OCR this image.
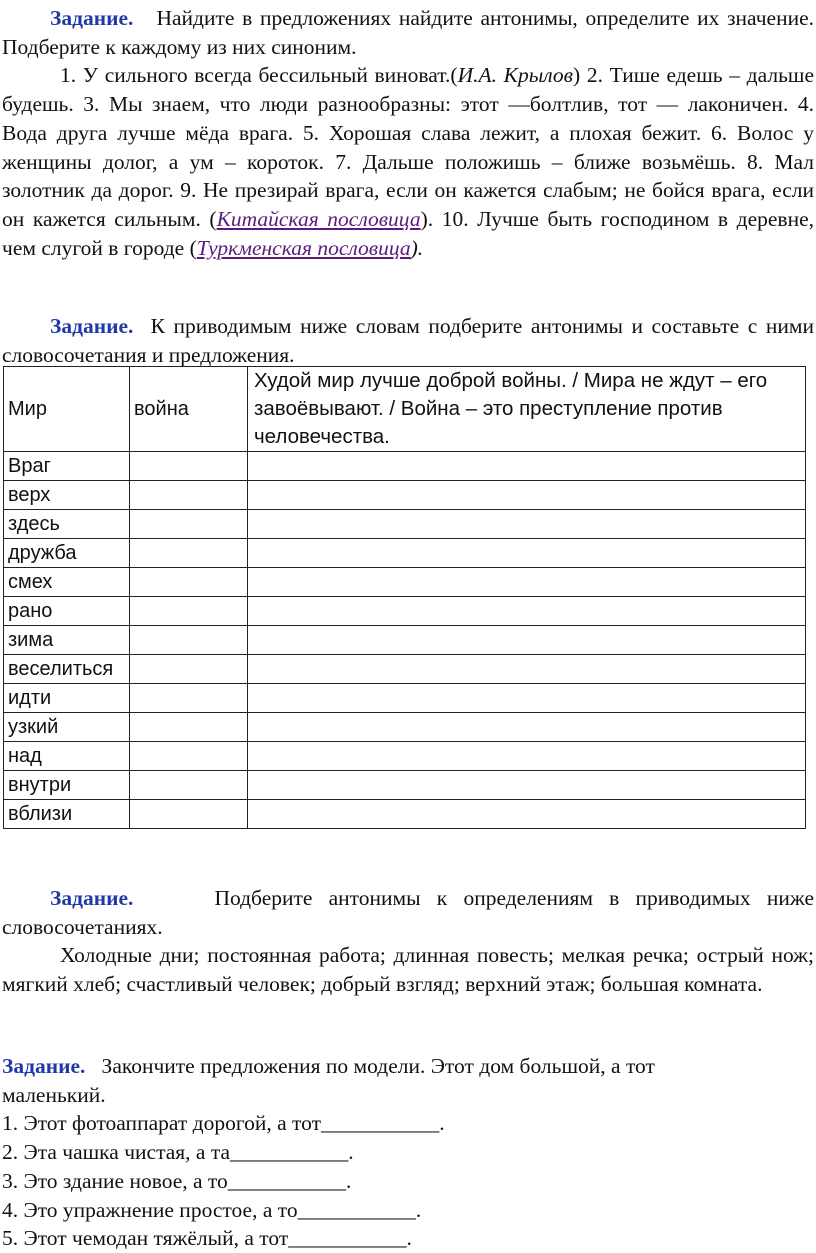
Задание. Найдите в предложениях найдите антонимы, определите их значение. Подберите к каждому из них синоним.

1. У сильного всегда бессильный виноват.(И.А. Крылов) 2. Тише едешь – дальше будешь. 3. Мы знаем, что люди разнообразны: этот —болтлив, тот — лаконичен. 4. Вода друга лучше мёда врага. 5. Хорошая слава лежит, а плохая бежит. 6. Волос у женщины долог, а ум – короток. 7. Дальше положишь – ближе возьмёшь. 8. Мал золотник да дорог. 9. Не презирай врага, если он кажется слабым; не бойся врага, если он кажется сильным. (Китайская пословица). 10. Лучше быть господином в деревне, чем слугой в городе (Туркменская пословица).

Задание. К приводимым ниже словам подберите антонимы и составьте с ними словосочетания и предложения.

Мир	война	Худой мир лучше доброй войны. / Мира не ждут – его завоёвывают. / Война – это преступление против человечества.
Враг		
верх		
здесь		
дружба		
смех		
рано		
зима		
веселиться		
идти		
узкий		
над		
внутри		
вблизи		

Задание.	Подберите антонимы к определениям в приводимых ниже словосочетаниях.

Холодные дни; постоянная работа; длинная повесть; мелкая речка; острый нож; мягкий хлеб; счастливый человек; добрый взгляд; верхний этаж; большая комната.

Задание. Закончите предложения по модели. Этот дом большой, а тот маленький.

1. Этот фотоаппарат дорогой, а тот___________.

2. Эта чашка чистая, а та___________.

3. Это здание новое, а то___________.

4. Это упражнение простое, а то___________.

5. Этот чемодан тяжёлый, а тот___________.
